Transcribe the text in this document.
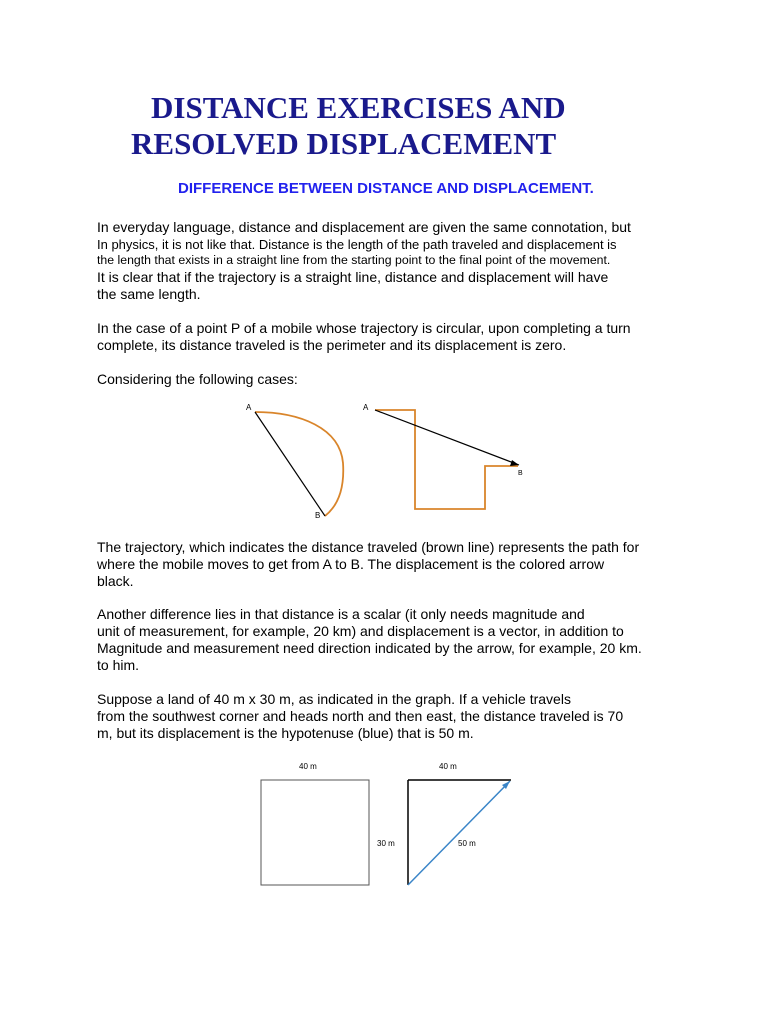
DISTANCE EXERCISES AND
RESOLVED DISPLACEMENT
DIFFERENCE BETWEEN DISTANCE AND DISPLACEMENT.

In everyday language, distance and displacement are given the same connotation, but

In physics, it is not like that. Distance is the length of the path traveled and displacement is

the length that exists in a straight line from the starting point to the final point of the movement.

It is clear that if the trajectory is a straight line, distance and displacement will have

the same length.

In the case of a point P of a mobile whose trajectory is circular, upon completing a turn

complete, its distance traveled is the perimeter and its displacement is zero.

Considering the following cases:

A
B
A
B

The trajectory, which indicates the distance traveled (brown line) represents the path for

where the mobile moves to get from A to B. The displacement is the colored arrow

black.

Another difference lies in that distance is a scalar (it only needs magnitude and

unit of measurement, for example, 20 km) and displacement is a vector, in addition to

Magnitude and measurement need direction indicated by the arrow, for example, 20 km.

to him.

Suppose a land of 40 m x 30 m, as indicated in the graph. If a vehicle travels

from the southwest corner and heads north and then east, the distance traveled is 70

m, but its displacement is the hypotenuse (blue) that is 50 m.

40 m	40 m
30 m	50 m
